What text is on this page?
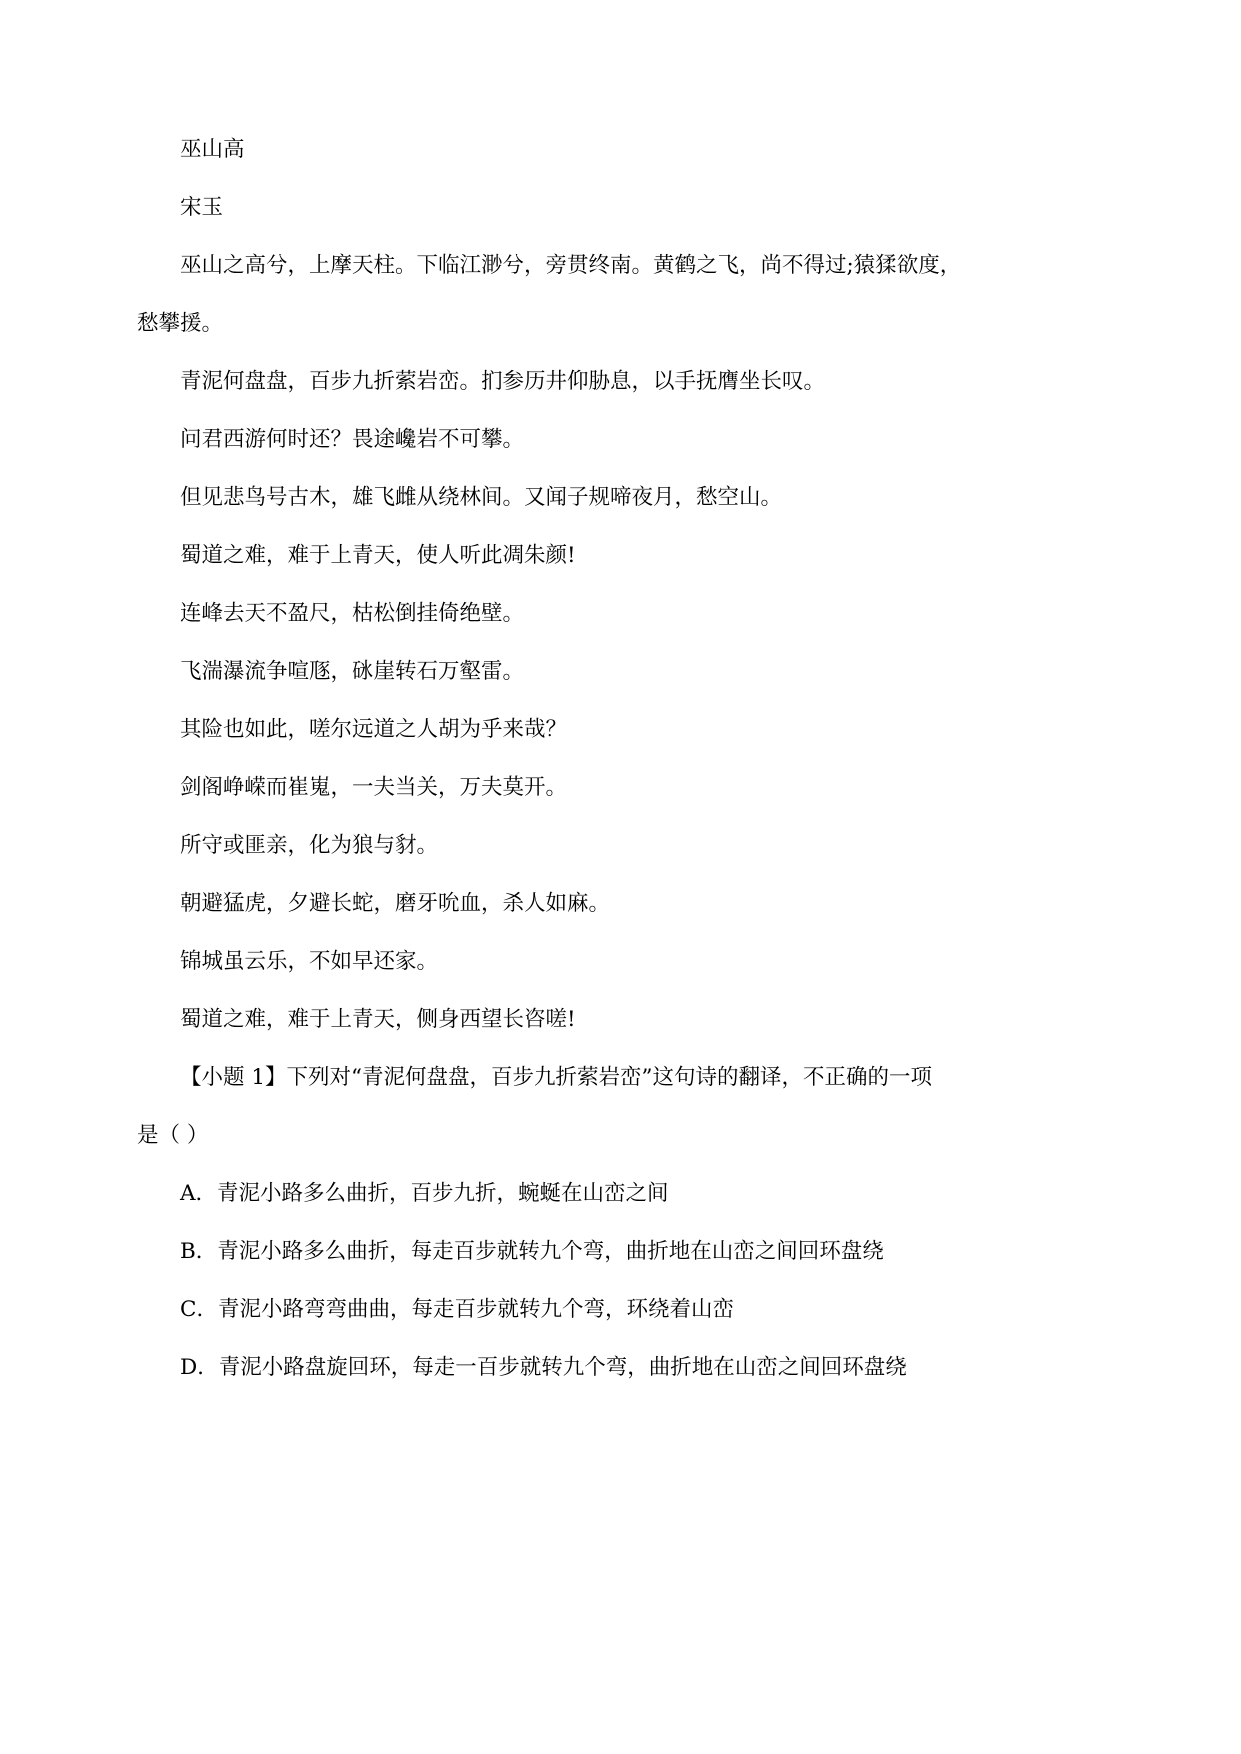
巫山高
宋玉
巫山之高兮，上摩天柱。下临江渺兮，旁贯终南。黄鹤之飞，尚不得过;猿猱欲度，
愁攀援。
青泥何盘盘，百步九折萦岩峦。扪参历井仰胁息，以手抚膺坐长叹。
问君西游何时还？畏途巉岩不可攀。
但见悲鸟号古木，雄飞雌从绕林间。又闻子规啼夜月，愁空山。
蜀道之难，难于上青天，使人听此凋朱颜!
连峰去天不盈尺，枯松倒挂倚绝壁。
飞湍瀑流争喧豗，砯崖转石万壑雷。
其险也如此，嗟尔远道之人胡为乎来哉？
剑阁峥嵘而崔嵬，一夫当关，万夫莫开。
所守或匪亲，化为狼与豺。
朝避猛虎，夕避长蛇，磨牙吮血，杀人如麻。
锦城虽云乐，不如早还家。
蜀道之难，难于上青天，侧身西望长咨嗟!
【小题 1】下列对“青泥何盘盘，百步九折萦岩峦”这句诗的翻译，不正确的一项
是（ ）
A．青泥小路多么曲折，百步九折，蜿蜒在山峦之间
B．青泥小路多么曲折，每走百步就转九个弯，曲折地在山峦之间回环盘绕
C．青泥小路弯弯曲曲，每走百步就转九个弯，环绕着山峦
D．青泥小路盘旋回环，每走一百步就转九个弯，曲折地在山峦之间回环盘绕
